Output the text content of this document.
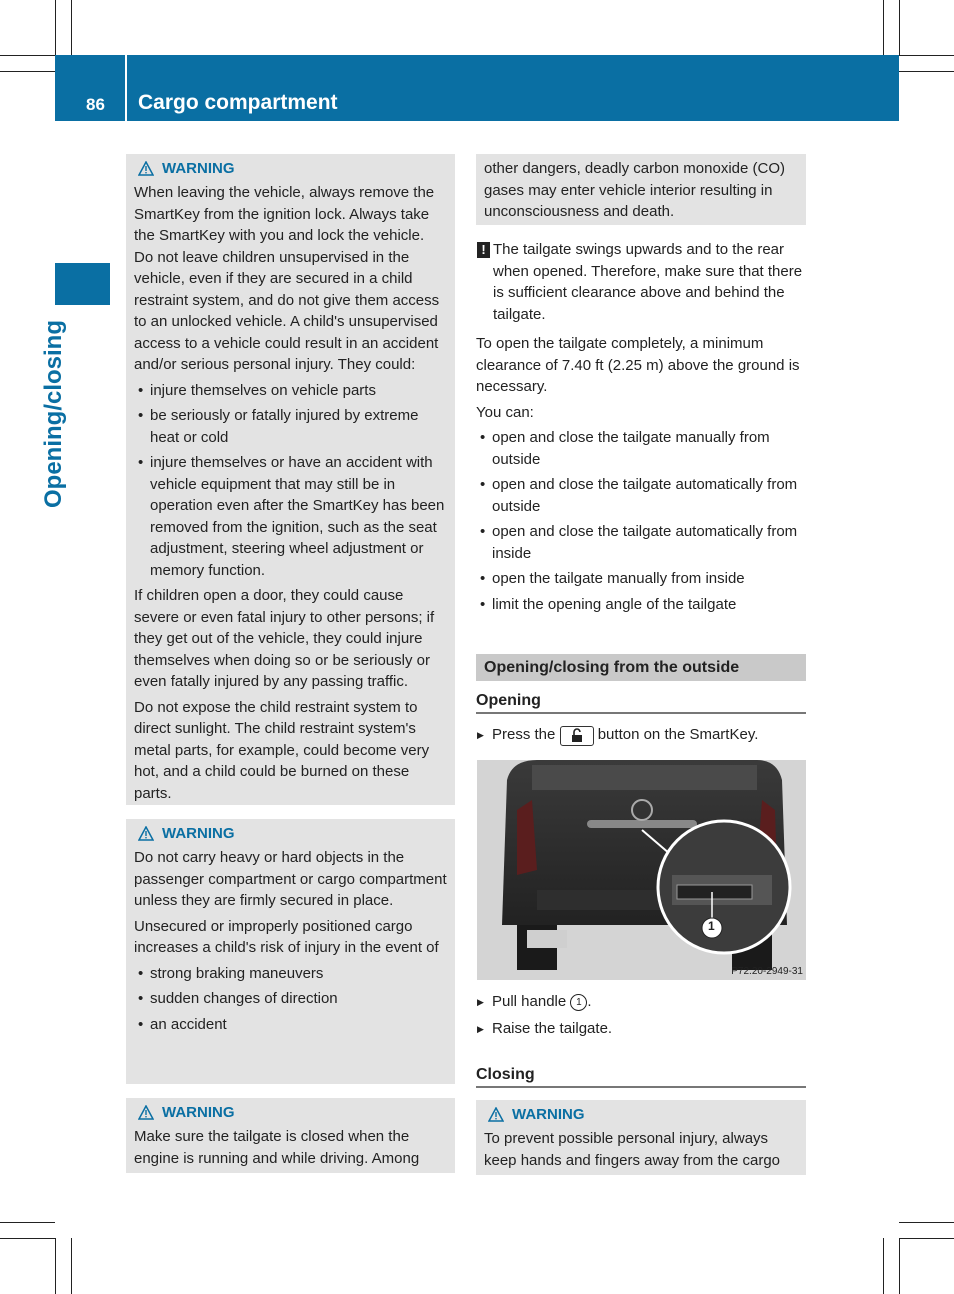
86 Cargo compartment
Opening/closing
WARNING

When leaving the vehicle, always remove the SmartKey from the ignition lock. Always take the SmartKey with you and lock the vehicle. Do not leave children unsupervised in the vehicle, even if they are secured in a child restraint system, and do not give them access to an unlocked vehicle. A child's unsupervised access to a vehicle could result in an accident and/or serious personal injury. They could:

• injure themselves on vehicle parts
• be seriously or fatally injured by extreme heat or cold
• injure themselves or have an accident with vehicle equipment that may still be in operation even after the SmartKey has been removed from the ignition, such as the seat adjustment, steering wheel adjustment or memory function.

If children open a door, they could cause severe or even fatal injury to other persons; if they get out of the vehicle, they could injure themselves when doing so or be seriously or even fatally injured by any passing traffic.

Do not expose the child restraint system to direct sunlight. The child restraint system's metal parts, for example, could become very hot, and a child could be burned on these parts.

WARNING

Do not carry heavy or hard objects in the passenger compartment or cargo compartment unless they are firmly secured in place.

Unsecured or improperly positioned cargo increases a child's risk of injury in the event of

• strong braking maneuvers
• sudden changes of direction
• an accident
WARNING

Make sure the tailgate is closed when the engine is running and while driving. Among

other dangers, deadly carbon monoxide (CO) gases may enter vehicle interior resulting in unconsciousness and death.

! The tailgate swings upwards and to the rear when opened. Therefore, make sure that there is sufficient clearance above and behind the tailgate.

To open the tailgate completely, a minimum clearance of 7.40 ft (2.25 m) above the ground is necessary.

You can:

• open and close the tailgate manually from outside
• open and close the tailgate automatically from outside
• open and close the tailgate automatically from inside
• open the tailgate manually from inside
• limit the opening angle of the tailgate
Opening/closing from the outside
Opening
▶ Press the	button on the SmartKey.
1
P72.20-2949-31
▶ Pull handle 1 .
▶ Raise the tailgate.
Closing
WARNING

To prevent possible personal injury, always keep hands and fingers away from the cargo
